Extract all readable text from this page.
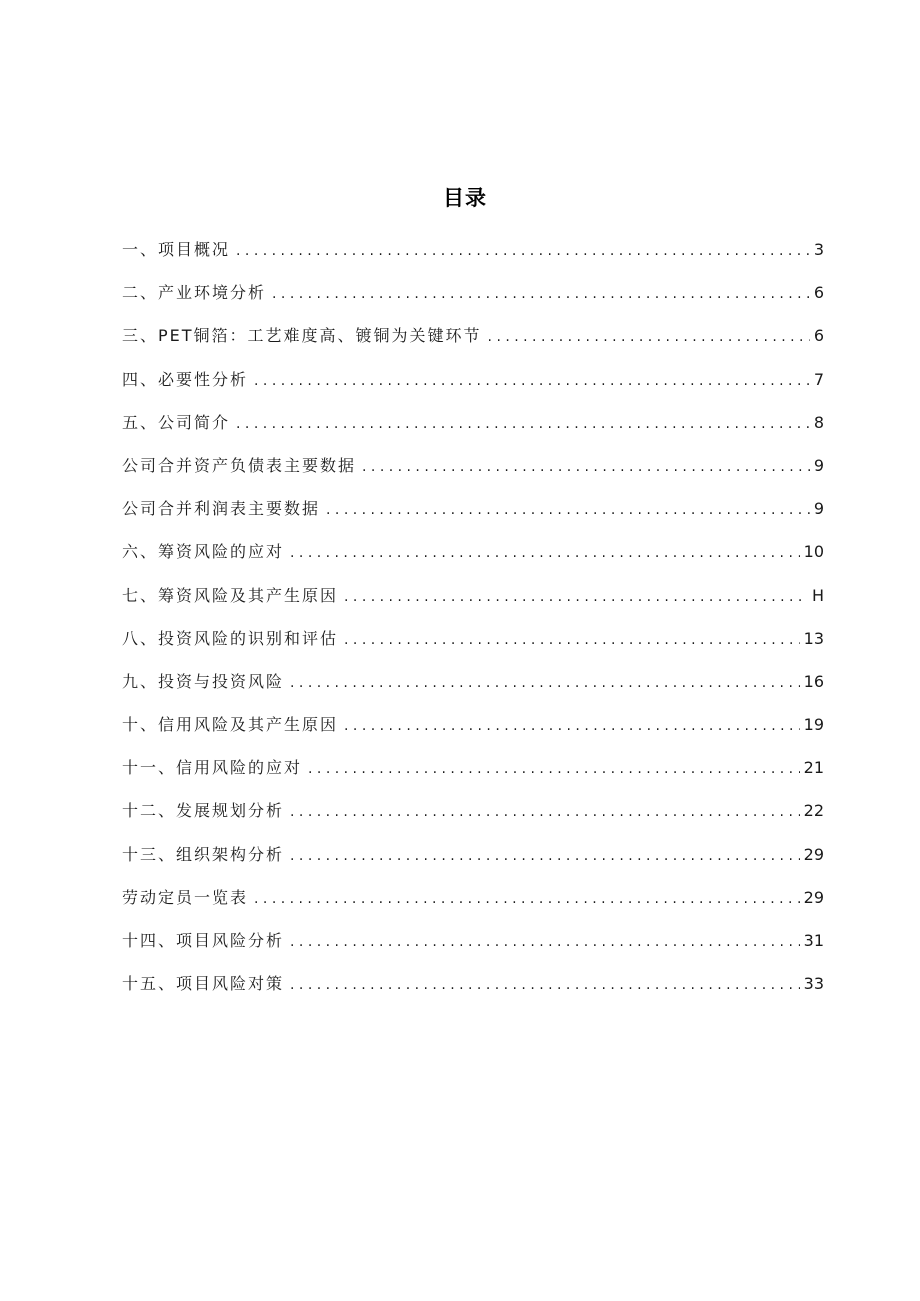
目录
一、项目概况 . . .	3
二、产业环境分析 . . .	6
三、PET铜箔：工艺难度高、镀铜为关键环节 . . .	6
四、必要性分析 . . .	7
五、公司简介 . . .	8
公司合并资产负债表主要数据 . . .	9
公司合并利润表主要数据 . . .	9
六、筹资风险的应对 . . .	10
七、筹资风险及其产生原因 . . .	H
八、投资风险的识别和评估 . . .	13
九、投资与投资风险 . . .	16
十、信用风险及其产生原因 . . .	19
十一、信用风险的应对 . . .	21
十二、发展规划分析 . . .	22
十三、组织架构分析 . . .	29
劳动定员一览表 . . .	29
十四、项目风险分析 . . .	31
十五、项目风险对策 . . .	33
